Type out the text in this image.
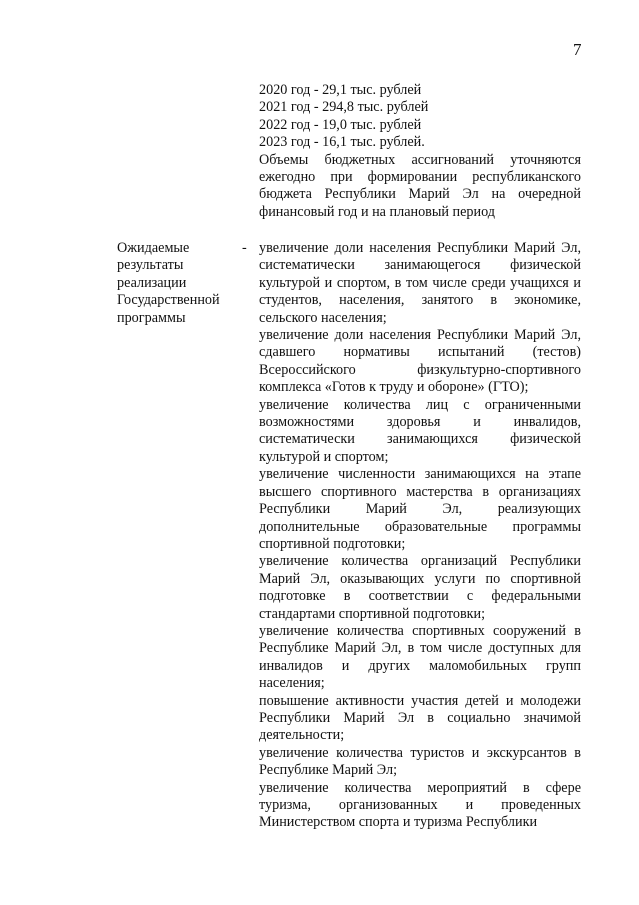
7
2020 год - 29,1 тыс. рублей
2021 год - 294,8 тыс. рублей
2022 год - 19,0 тыс. рублей
2023 год - 16,1 тыс. рублей.
Объемы бюджетных ассигнований уточняются ежегодно при формировании республиканского бюджета Республики Марий Эл на очередной финансовый год и на плановый период
Ожидаемые
результаты
реализации
Государственной
программы
- увеличение доли населения Республики Марий Эл, систематически занимающегося физической культурой и спортом, в том числе среди учащихся и студентов, населения, занятого в экономике, сельского населения;

увеличение доли населения Республики Марий Эл, сдавшего нормативы испытаний (тестов) Всероссийского физкультурно-спортивного комплекса «Готов к труду и обороне» (ГТО);

увеличение количества лиц с ограниченными возможностями здоровья и инвалидов, систематически занимающихся физической культурой и спортом;

увеличение численности занимающихся на этапе высшего спортивного мастерства в организациях Республики Марий Эл, реализующих дополнительные образовательные программы спортивной подготовки;

увеличение количества организаций Республики Марий Эл, оказывающих услуги по спортивной подготовке в соответствии с федеральными стандартами спортивной подготовки;

увеличение количества спортивных сооружений в Республике Марий Эл, в том числе доступных для инвалидов и других маломобильных групп населения;

повышение активности участия детей и молодежи Республики Марий Эл в социально значимой деятельности;

увеличение количества туристов и экскурсантов в Республике Марий Эл;

увеличение количества мероприятий в сфере туризма, организованных и проведенных Министерством спорта и туризма Республики
